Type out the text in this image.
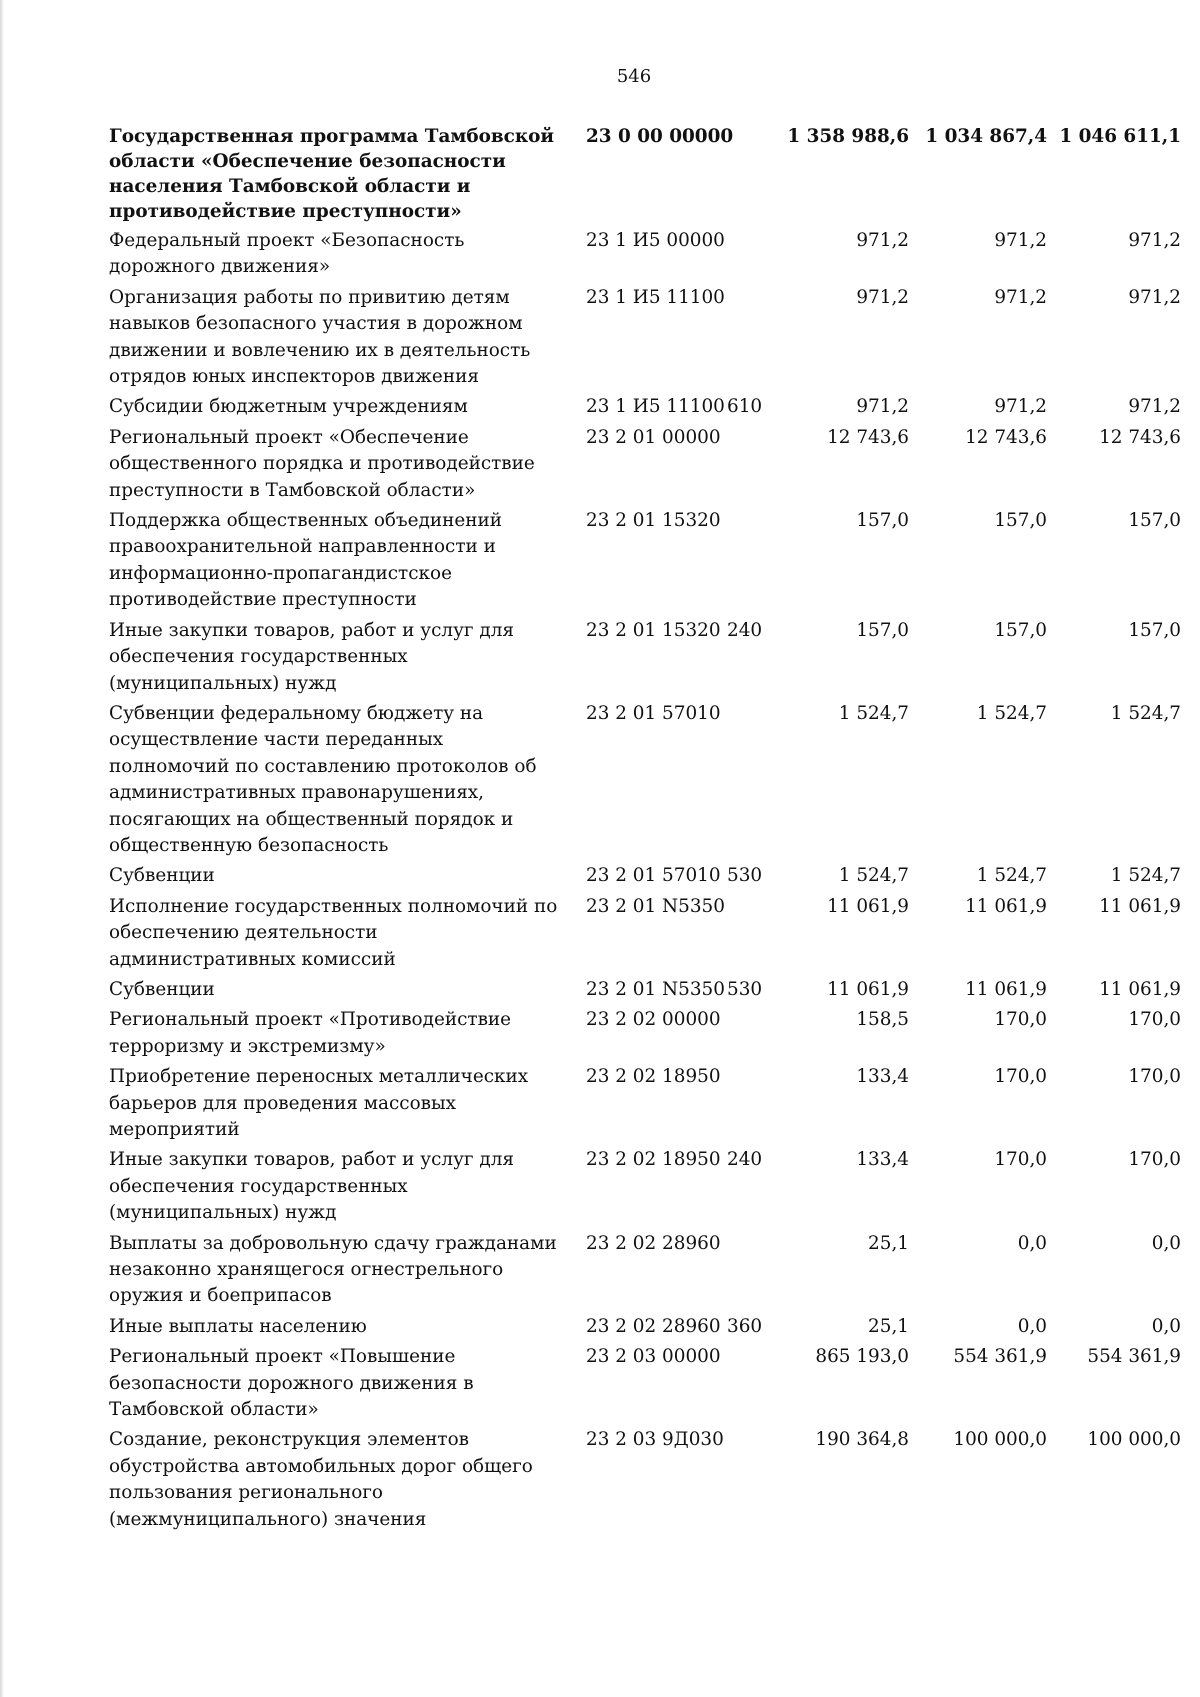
546
Государственная программа Тамбовской области «Обеспечение безопасности населения Тамбовской области и противодействие преступности»	23 0 00 00000		1 358 988,6	1 034 867,4	1 046 611,1
Федеральный проект «Безопасность дорожного движения»	23 1 И5 00000		971,2	971,2	971,2
Организация работы по привитию детям навыков безопасного участия в дорожном движении и вовлечению их в деятельность отрядов юных инспекторов движения	23 1 И5 11100		971,2	971,2	971,2
Субсидии бюджетным учреждениям	23 1 И5 11100	610	971,2	971,2	971,2
Региональный проект «Обеспечение общественного порядка и противодействие преступности в Тамбовской области»	23 2 01 00000		12 743,6	12 743,6	12 743,6
Поддержка общественных объединений правоохранительной направленности и информационно-пропагандистское противодействие преступности	23 2 01 15320		157,0	157,0	157,0
Иные закупки товаров, работ и услуг для обеспечения государственных (муниципальных) нужд	23 2 01 15320	240	157,0	157,0	157,0
Субвенции федеральному бюджету на осуществление части переданных полномочий по составлению протоколов об административных правонарушениях, посягающих на общественный порядок и общественную безопасность	23 2 01 57010		1 524,7	1 524,7	1 524,7
Субвенции	23 2 01 57010	530	1 524,7	1 524,7	1 524,7
Исполнение государственных полномочий по обеспечению деятельности административных комиссий	23 2 01 N5350		11 061,9	11 061,9	11 061,9
Субвенции	23 2 01 N5350	530	11 061,9	11 061,9	11 061,9
Региональный проект «Противодействие терроризму и экстремизму»	23 2 02 00000		158,5	170,0	170,0
Приобретение переносных металлических барьеров для проведения массовых мероприятий	23 2 02 18950		133,4	170,0	170,0
Иные закупки товаров, работ и услуг для обеспечения государственных (муниципальных) нужд	23 2 02 18950	240	133,4	170,0	170,0
Выплаты за добровольную сдачу гражданами незаконно хранящегося огнестрельного оружия и боеприпасов	23 2 02 28960		25,1	0,0	0,0
Иные выплаты населению	23 2 02 28960	360	25,1	0,0	0,0
Региональный проект «Повышение безопасности дорожного движения в Тамбовской области»	23 2 03 00000		865 193,0	554 361,9	554 361,9
Создание, реконструкция элементов обустройства автомобильных дорог общего пользования регионального (межмуниципального) значения	23 2 03 9Д030		190 364,8	100 000,0	100 000,0
